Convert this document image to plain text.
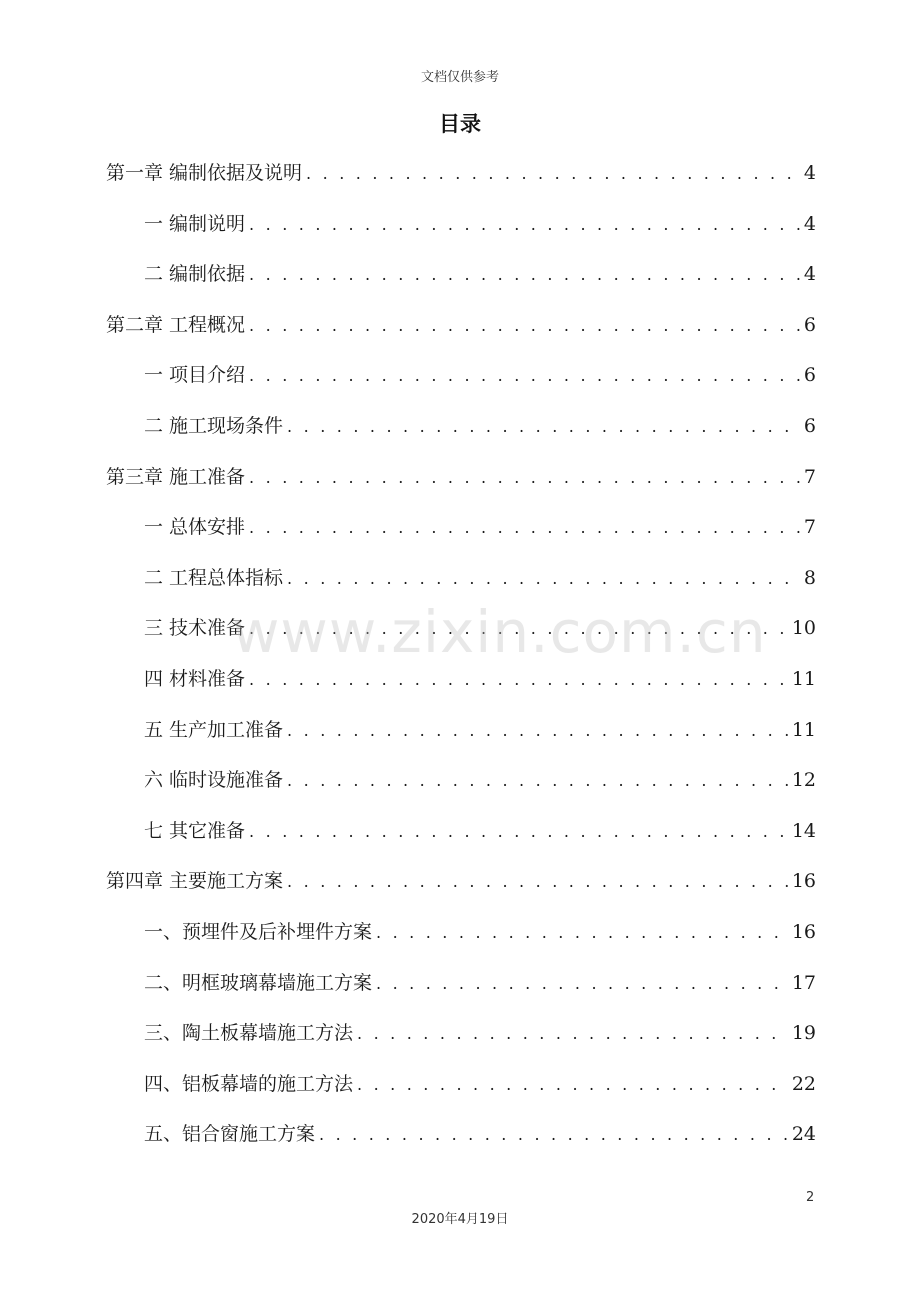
文档仅供参考
目录
第一章 编制依据及说明 . . .	4
一 编制说明 . . .	4
二 编制依据 . . .	4
第二章 工程概况 . . .	6
一 项目介绍 . . .	6
二 施工现场条件 . . .	6
第三章 施工准备 . . .	7
一 总体安排 . . .	7
二 工程总体指标 . . .	8
三 技术准备 . . .	10
四 材料准备 . . .	11
五 生产加工准备 . . .	11
六 临时设施准备 . . .	12
七 其它准备 . . .	14
第四章 主要施工方案 . . .	16
一、预埋件及后补埋件方案 . . .	16
二、明框玻璃幕墙施工方案 . . .	17
三、陶土板幕墙施工方法 . . .	19
四、铝板幕墙的施工方法 . . .	22
五、铝合窗施工方案 . . .	24
www.zixin.com.cn
2
2020年4月19日
